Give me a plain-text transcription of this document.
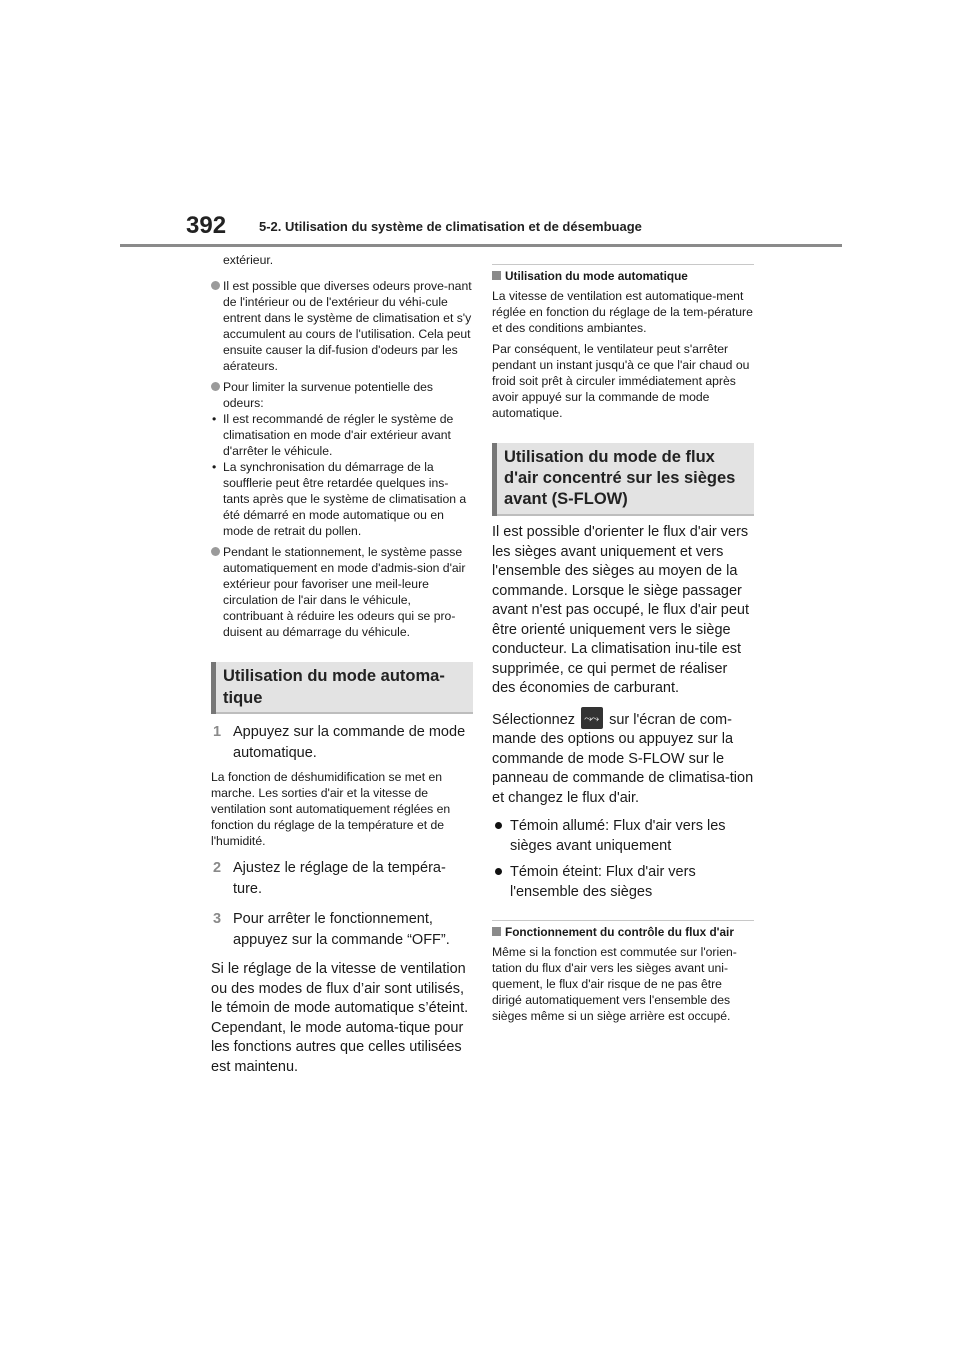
392	5-2. Utilisation du système de climatisation et de désembuage

extérieur.

Il est possible que diverses odeurs prove-nant de l'intérieur ou de l'extérieur du véhi-cule entrent dans le système de climatisation et s'y accumulent au cours de l'utilisation. Cela peut ensuite causer la dif-fusion d'odeurs par les aérateurs.
Pour limiter la survenue potentielle des odeurs:
• Il est recommandé de régler le système de climatisation en mode d'air extérieur avant d'arrêter le véhicule.
• La synchronisation du démarrage de la soufflerie peut être retardée quelques ins-tants après que le système de climatisation a été démarré en mode automatique ou en mode de retrait du pollen.
Pendant le stationnement, le système passe automatiquement en mode d'admis-sion d'air extérieur pour favoriser une meil-leure circulation de l'air dans le véhicule, contribuant à réduire les odeurs qui se pro-duisent au démarrage du véhicule.
Utilisation du mode automa-tique
1 Appuyez sur la commande de mode automatique.

La fonction de déshumidification se met en marche. Les sorties d'air et la vitesse de ventilation sont automatiquement réglées en fonction du réglage de la température et de l'humidité.

2 Ajustez le réglage de la tempéra-ture.
3 Pour arrêter le fonctionnement, appuyez sur la commande “OFF”.

Si le réglage de la vitesse de ventilation ou des modes de flux d’air sont utilisés, le témoin de mode automatique s’éteint. Cependant, le mode automa-tique pour les fonctions autres que celles utilisées est maintenu.

Utilisation du mode automatique

La vitesse de ventilation est automatique-ment réglée en fonction du réglage de la tem-pérature et des conditions ambiantes.

Par conséquent, le ventilateur peut s'arrêter pendant un instant jusqu'à ce que l'air chaud ou froid soit prêt à circuler immédiatement après avoir appuyé sur la commande de mode automatique.

Utilisation du mode de flux d'air concentré sur les sièges avant (S-FLOW)

Il est possible d'orienter le flux d'air vers les sièges avant uniquement et vers l'ensemble des sièges au moyen de la commande. Lorsque le siège passager avant n'est pas occupé, le flux d'air peut être orienté uniquement vers le siège conducteur. La climatisation inu-tile est supprimée, ce qui permet de réaliser des économies de carburant.

Sélectionnez ⤳⤳ sur l'écran de com-mande des options ou appuyez sur la commande de mode S-FLOW sur le panneau de commande de climatisa-tion et changez le flux d'air.

Témoin allumé: Flux d'air vers les sièges avant uniquement
Témoin éteint: Flux d'air vers l'ensemble des sièges
Fonctionnement du contrôle du flux d'air

Même si la fonction est commutée sur l'orien-tation du flux d'air vers les sièges avant uni-quement, le flux d'air risque de ne pas être dirigé automatiquement vers l'ensemble des sièges même si un siège arrière est occupé.
